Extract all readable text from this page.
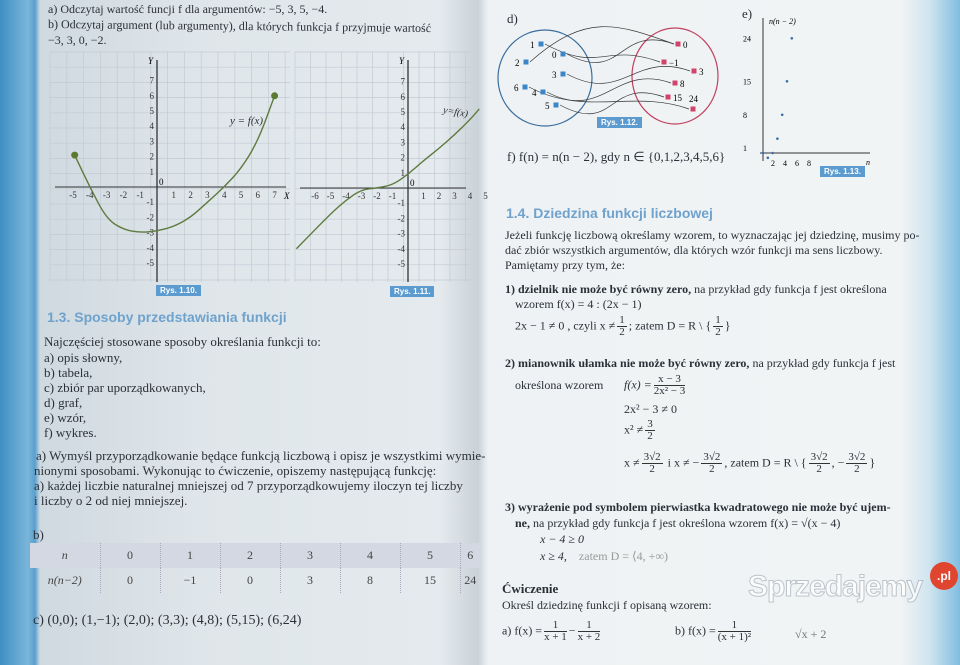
a) Odczytaj wartość funcji f dla argumentów: −5, 3, 5, −4.
b) Odczytaj argument (lub argumenty), dla których funkcja f przyjmuje wartość
−3, 3, 0, −2.
Y
X
0
-5 -4 -3 -2 -1	1 2 3 4 5 6 7
-5
-4
-3
-2
-1
1
2
3
4
5
6
7
Y
0
-6 -5 -4 -3 -2 -1	1 2 3 4 5
-5
-4
-3
-2
-1
1
2
3
4
5
6
7
Rys. 1.10.	Rys. 1.11.
y = f(x)
y=f(x)
1.3. Sposoby przedstawiania funkcji
Najczęściej stosowane sposoby określania funkcji to:
a) opis słowny,
b) tabela,
c) zbiór par uporządkowanych,
d) graf,
e) wzór,
f) wykres.
a) Wymyśl przyporządkowanie będące funkcją liczbową i opisz je wszystkimi wymie-
nionymi sposobami. Wykonując to ćwiczenie, opiszemy następującą funkcję:
a) każdej liczbie naturalnej mniejszej od 7 przyporządkowujemy iloczyn tej liczby
i liczby o 2 od niej mniejszej.
b)
n	0	1	2	3	4	5	6
n(n−2)	0	−1	0	3	8	15	24
c) (0,0); (1,−1); (2,0); (3,3); (4,8); (5,15); (6,24)
d)
1
0
2
3
6 4
5
0
−1
3
8
15 24
Rys. 1.12.
f) f(n) = n(n − 2), gdy n ∈ {0,1,2,3,4,5,6}
e)
n(n − 2)
n
24
15
8
1
2 4 6 8
Rys. 1.13.
1.4. Dziedzina funkcji liczbowej
Jeżeli funkcję liczbową określamy wzorem, to wyznaczając jej dziedzinę, musimy po-
dać zbiór wszystkich argumentów, dla których wzór funkcji ma sens liczbowy.
Pamiętamy przy tym, że:
1) dzielnik nie może być równy zero, na przykład gdy funkcja f jest określona
wzorem f(x) = 4 : (2x − 1)
2x − 1 ≠ 0 , czyli $x \ne \frac{1}{2}$ ; zatem D = R \ { $\frac{1}{2}$ }
2) mianownik ułamka nie może być równy zero, na przykład gdy funkcja f jest
określona wzorem $f(x) = \frac{x - 3}{\text{2x² − 3}}$
2x² − 3 ≠ 0
$x^2 \ne \frac{3}{2}$
$x \ne \frac{3√2}{2}$ i x ≠ − $\frac{3√2}{2}$ , zatem D = R \ { $\frac{3√2}{2}$ , − $\frac{3√2}{2}$ }
3) wyrażenie pod symbolem pierwiastka kwadratowego nie może być ujem-
ne, na przykład gdy funkcja f jest określona wzorem f(x) = √(x − 4)
x − 4 ≥ 0
x ≥ 4, zatem D = ⟨4, +∞)
Ćwiczenie
Określ dziedzinę funkcji f opisaną wzorem:
a) $f(x) = \frac{1}{x + 1} - \frac{1}{x + 2}$	b) $f(x) = \frac{1}{\text{(x + 1)²}}$	√x + 2
Sprzedajemy	.pl
